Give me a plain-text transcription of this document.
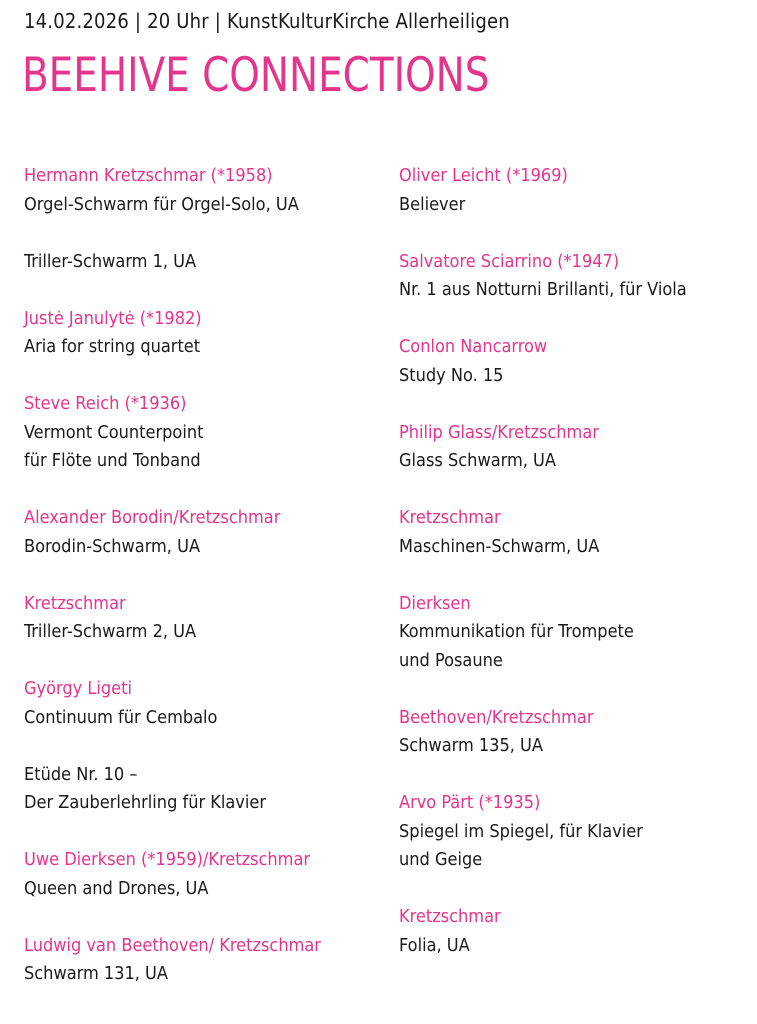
14.02.2026 | 20 Uhr | KunstKulturKirche Allerheiligen
BEEHIVE CONNECTIONS
Hermann Kretzschmar (*1958)
Orgel-Schwarm für Orgel-Solo, UA
Triller-Schwarm 1, UA
Justė Janulytė (*1982)
Aria for string quartet
Steve Reich (*1936)
Vermont Counterpoint
für Flöte und Tonband
Alexander Borodin/Kretzschmar
Borodin-Schwarm, UA
Kretzschmar
Triller-Schwarm 2, UA
György Ligeti
Continuum für Cembalo
Etüde Nr. 10 –
Der Zauberlehrling für Klavier
Uwe Dierksen (*1959)/Kretzschmar
Queen and Drones, UA
Ludwig van Beethoven/ Kretzschmar
Schwarm 131, UA
Oliver Leicht (*1969)
Believer
Salvatore Sciarrino (*1947)
Nr. 1 aus Notturni Brillanti, für Viola
Conlon Nancarrow
Study No. 15
Philip Glass/Kretzschmar
Glass Schwarm, UA
Kretzschmar
Maschinen-Schwarm, UA
Dierksen
Kommunikation für Trompete
und Posaune
Beethoven/Kretzschmar
Schwarm 135, UA
Arvo Pärt (*1935)
Spiegel im Spiegel, für Klavier
und Geige
Kretzschmar
Folia, UA
